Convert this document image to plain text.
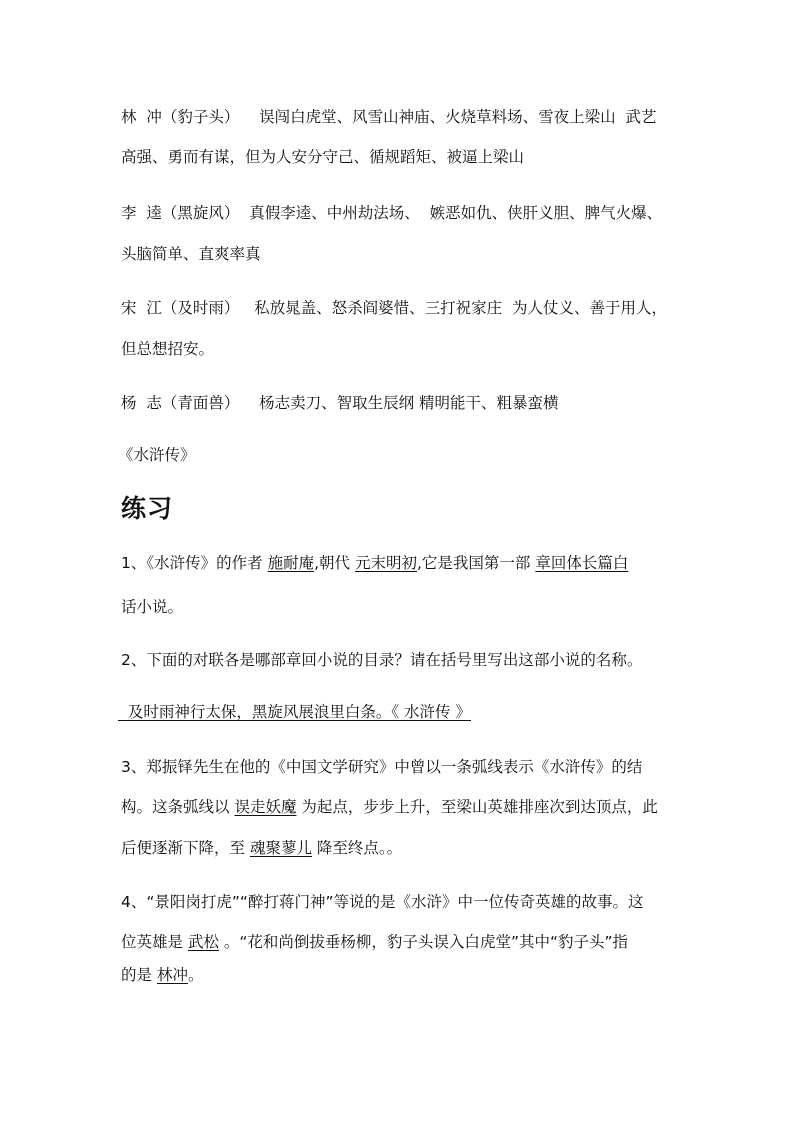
林  冲（豹子头） 误闯白虎堂、风雪山神庙、火烧草料场、雪夜上梁山 武艺
高强、勇而有谋，但为人安分守己、循规蹈矩、被逼上梁山
李  逵（黑旋风） 真假李逵、中州劫法场、 嫉恶如仇、侠肝义胆、脾气火爆、
头脑简单、直爽率真
宋  江（及时雨） 私放晁盖、怒杀阎婆惜、三打祝家庄 为人仗义、善于用人，
但总想招安。
杨  志（青面兽） 杨志卖刀、智取生辰纲 精明能干、粗暴蛮横
《水浒传》
练习
1、《水浒传》的作者 施耐庵,朝代 元末明初,它是我国第一部 章回体长篇白
话小说。
2、下面的对联各是哪部章回小说的目录？请在括号里写出这部小说的名称。
及时雨神行太保，黑旋风展浪里白条。《 水浒传 》
3、郑振铎先生在他的《中国文学研究》中曾以一条弧线表示《水浒传》的结
构。这条弧线以 误走妖魔 为起点，步步上升，至梁山英雄排座次到达顶点，此
后便逐渐下降，至 魂聚蓼儿 降至终点。。
4、“景阳岗打虎”“醉打蒋门神”等说的是《水浒》中一位传奇英雄的故事。这
位英雄是 武松 。“花和尚倒拔垂杨柳，豹子头误入白虎堂”其中“豹子头”指
的是 林冲。
